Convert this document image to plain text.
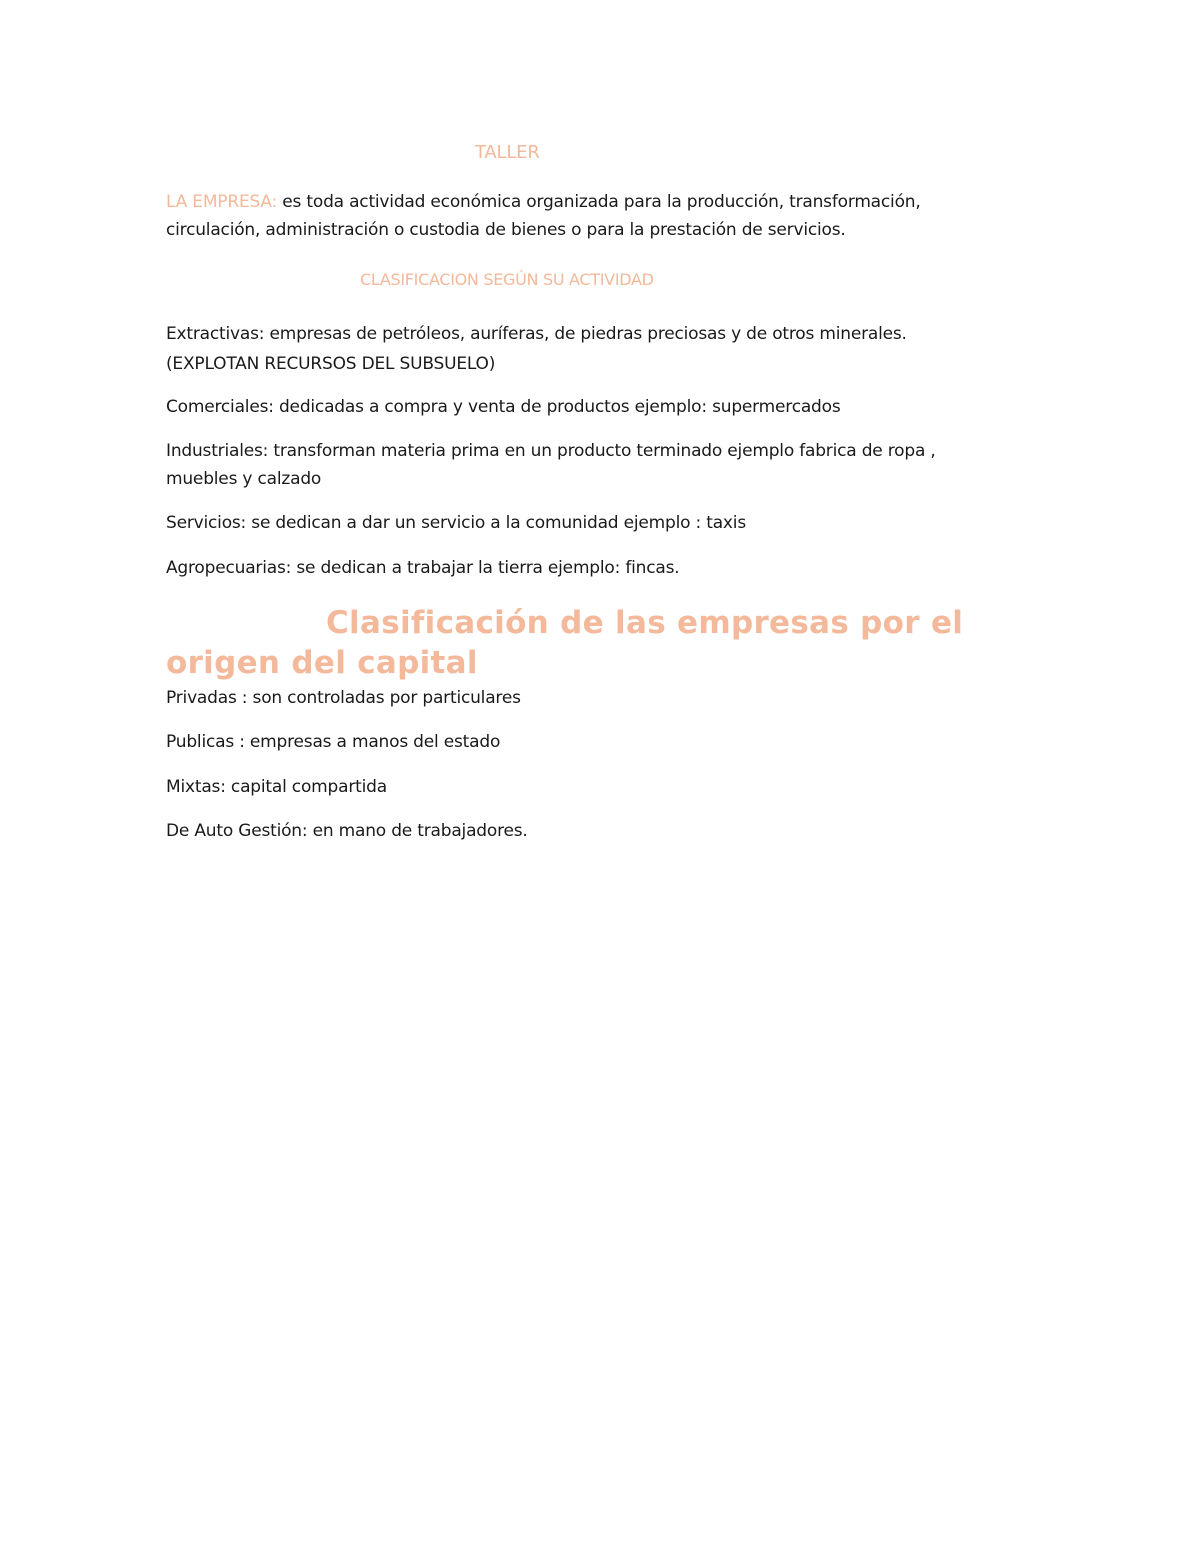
TALLER
LA EMPRESA: es toda actividad económica organizada para la producción, transformación,
circulación, administración o custodia de bienes o para la prestación de servicios.
CLASIFICACION SEGÚN SU ACTIVIDAD
Extractivas: empresas de petróleos, auríferas, de piedras preciosas y de otros minerales.
(EXPLOTAN RECURSOS DEL SUBSUELO)
Comerciales: dedicadas a compra y venta de productos ejemplo: supermercados
Industriales: transforman materia prima en un producto terminado ejemplo fabrica de ropa ,
muebles y calzado
Servicios: se dedican a dar un servicio a la comunidad ejemplo : taxis
Agropecuarias: se dedican a trabajar la tierra ejemplo: fincas.
Clasificación de las empresas por el
origen del capital
Privadas : son controladas por particulares
Publicas : empresas a manos del estado
Mixtas: capital compartida
De Auto Gestión: en mano de trabajadores.
